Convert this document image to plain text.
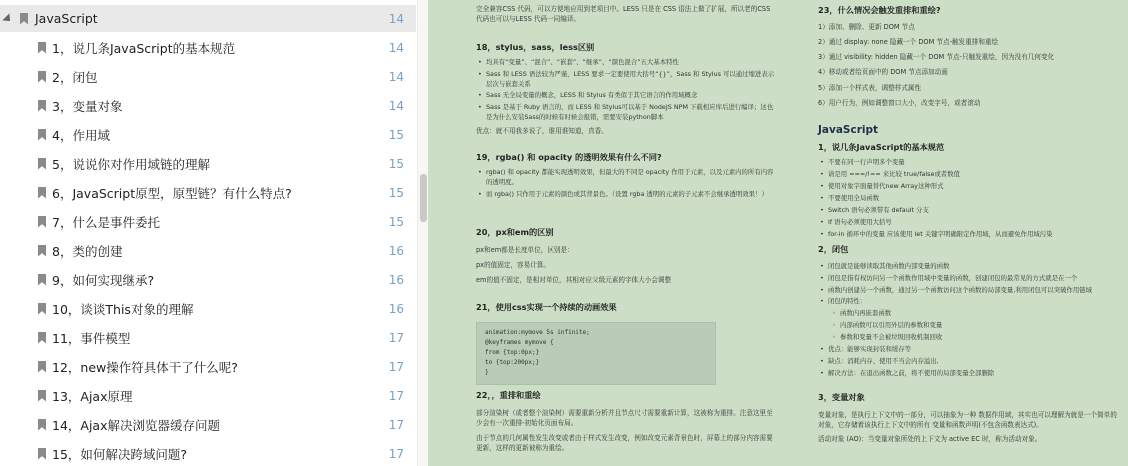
JavaScript	14
1，说几条JavaScript的基本规范	14
2，闭包	14
3，变量对象	14
4，作用域	15
5，说说你对作用域链的理解	15
6，JavaScript原型，原型链？有什么特点?	15
7，什么是事件委托	15
8，类的创建	16
9，如何实现继承?	16
10，谈谈This对象的理解	16
11，事件模型	17
12，new操作符具体干了什么呢?	17
13，Ajax原理	17
14，Ajax解决浏览器缓存问题	17
15，如何解决跨域问题?	17
完全兼容CSS 代码，可以方便地应用到老项目中。LESS 只是在 CSS 语法上做了扩展，所以老的CSS代码也可以与LESS 代码一同编译。
18，stylus，sass，less区别
• 均具有“变量”、“混合”、“嵌套”、“继承”、“颜色混合”五大基本特性
• Sass 和 LESS 语法较为严谨，LESS 要求一定要使用大括号“{}”，Sass 和 Stylus 可以通过缩进表示层次与嵌套关系
• Sass 无全局变量的概念，LESS 和 Stylus 有类似于其它语言的作用域概念
• Sass 是基于 Ruby 语言的，而 LESS 和 Stylus可以基于 NodeJS NPM 下载相应库后进行编译；这也是为什么安装Sass的时候有时候会报错，需要安装python脚本
优点：就不用我多说了，谁用谁知道，真香。
19，rgba() 和 opacity 的透明效果有什么不同?
• rgba() 和 opacity 都能实现透明效果，但最大的不同是 opacity 作用于元素，以及元素内的所有内容的透明度。
• 而 rgba() 只作用于元素的颜色或其背景色。（设置 rgba 透明的元素的子元素不会继承透明效果！）
20，px和em的区别
px和em都是长度单位，区别是：
px的值固定，容易计算。
em的值不固定，是相对单位，其相对应父级元素的字体大小会调整
21，使用css实现一个持续的动画效果
animation:mymove 5s infinite;
@keyframes mymove {
from {top:0px;}
to {top:200px;}
}
22，，重排和重绘
部分渲染树（或者整个渲染树）需要重新分析并且节点尺寸需要重新计算，这被称为重排。注意这里至少会有一次重排-初始化页面布局。
由于节点的几何属性发生改变或者由于样式发生改变，例如改变元素背景色时，屏幕上的部分内容需要更新，这样的更新被称为重绘。
23，什么情况会触发重排和重绘?
1）添加、删除、更新 DOM 节点
2）通过 display: none 隐藏一个 DOM 节点-触发重排和重绘
3）通过 visibility: hidden 隐藏一个 DOM 节点-只触发重绘，因为没有几何变化
4）移动或者给页面中的 DOM 节点添加动画
5）添加一个样式表，调整样式属性
6）用户行为，例如调整窗口大小，改变字号，或者滚动
JavaScript
1，说几条JavaScript的基本规范
• 不要在同一行声明多个变量
• 请是用 ===/!== 来比较 true/false或者数值
• 使用对象字面量替代new Array这种形式
• 不要使用全局函数
• Switch 语句必须带有 default 分支
• If 语句必须使用大括号
• for-in 循环中的变量 应该使用 let 关键字明确限定作用域，从而避免作用域污染
2，闭包
• 闭包就是能够读取其他函数内部变量的函数
• 闭包是指有权访问另一个函数作用域中变量的函数，创建闭包的最常见的方式就是在一个
• 函数内创建另一个函数，通过另一个函数访问这个函数的局部变量,利用闭包可以突破作用链域
• 闭包的特性：
◦ 函数内再嵌套函数
◦ 内部函数可以引用外层的参数和变量
◦ 参数和变量不会被垃圾回收机制回收
• 优点：能够实现封装和缓存等
• 缺点：消耗内存、使用不当会内存溢出,
• 解决方法：在退出函数之前，将不使用的局部变量全部删除
3，变量对象
变量对象，是执行上下文中的一部分，可以抽象为一种 数据作用域，其实也可以理解为就是一个简单的对象，它存储着该执行上下文中的所有 变量和函数声明(不包含函数表达式)。
活动对象 (AO)：当变量对象所处的上下文为 active EC 时，称为活动对象。
